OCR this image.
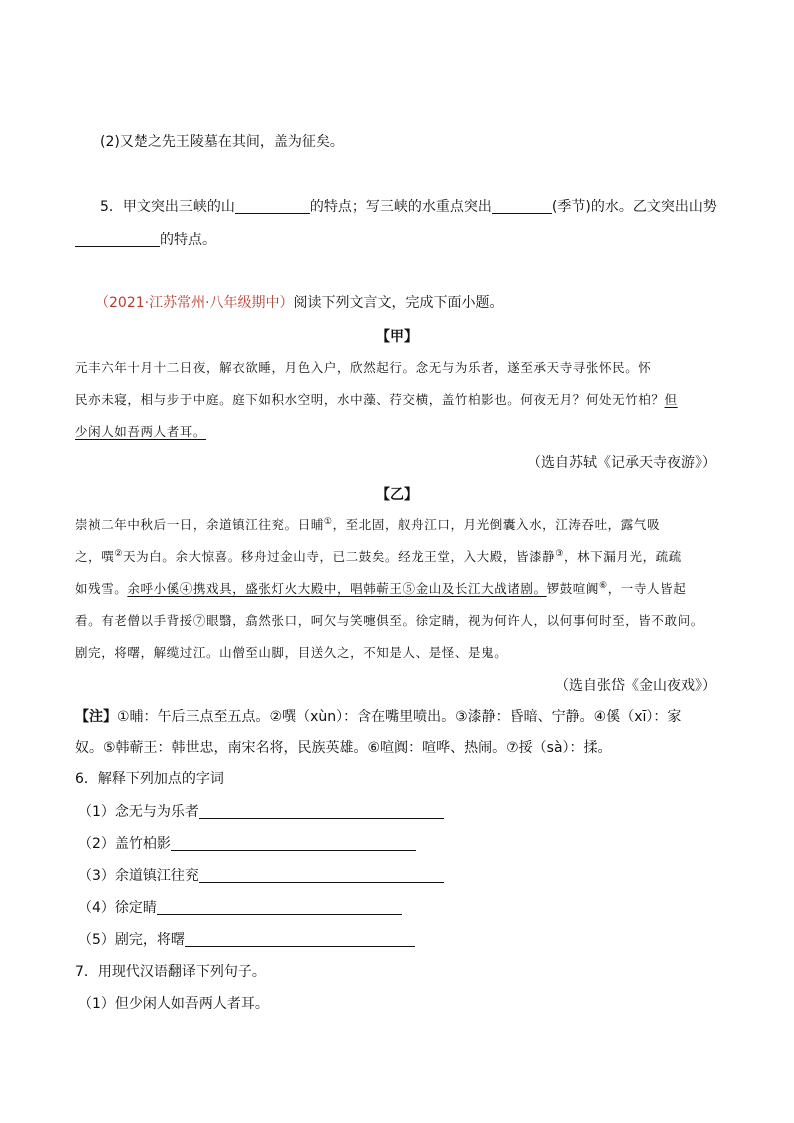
(2)又楚之先王陵墓在其间，盖为征矣。
5．甲文突出三峡的山	的特点；写三峡的水重点突出	(季节)的水。乙文突出山势
的特点。
（2021·江苏常州·八年级期中）阅读下列文言文，完成下面小题。
【甲】
元丰六年十月十二日夜，解衣欲睡，月色入户，欣然起行。念无与为乐者，遂至承天寺寻张怀民。怀
民亦未寝，相与步于中庭。庭下如积水空明，水中藻、荇交横，盖竹柏影也。何夜无月？何处无竹柏？但
少闲人如吾两人者耳。
（选自苏轼《记承天寺夜游》）
【乙】
崇祯二年中秋后一日，余道镇江往兖。日晡①，至北固，舣舟江口，月光倒囊入水，江涛吞吐，露气吸
之，噀②天为白。余大惊喜。移舟过金山寺，已二鼓矣。经龙王堂，入大殿，皆漆静③，林下漏月光，疏疏
如残雪。余呼小傒④携戏具，盛张灯火大殿中，唱韩蕲王⑤金山及长江大战诸剧。锣鼓喧阗⑥，一寺人皆起
看。有老僧以手背挼⑦眼翳，翕然张口，呵欠与笑嚏俱至。徐定睛，视为何许人，以何事何时至，皆不敢问。
剧完，将曙，解缆过江。山僧至山脚，目送久之，不知是人、是怪、是鬼。
（选自张岱《金山夜戏》）
【注】①晡：午后三点至五点。②噀（xùn）：含在嘴里喷出。③漆静：昏暗、宁静。④傒（xī）：家
奴。⑤韩蕲王：韩世忠，南宋名将，民族英雄。⑥喧阗：喧哗、热闹。⑦挼（sà）：揉。
6．解释下列加点的字词
（1）念无与为乐者
（2）盖竹柏影
（3）余道镇江往兖
（4）徐定睛
（5）剧完，将曙
7．用现代汉语翻译下列句子。
（1）但少闲人如吾两人者耳。
